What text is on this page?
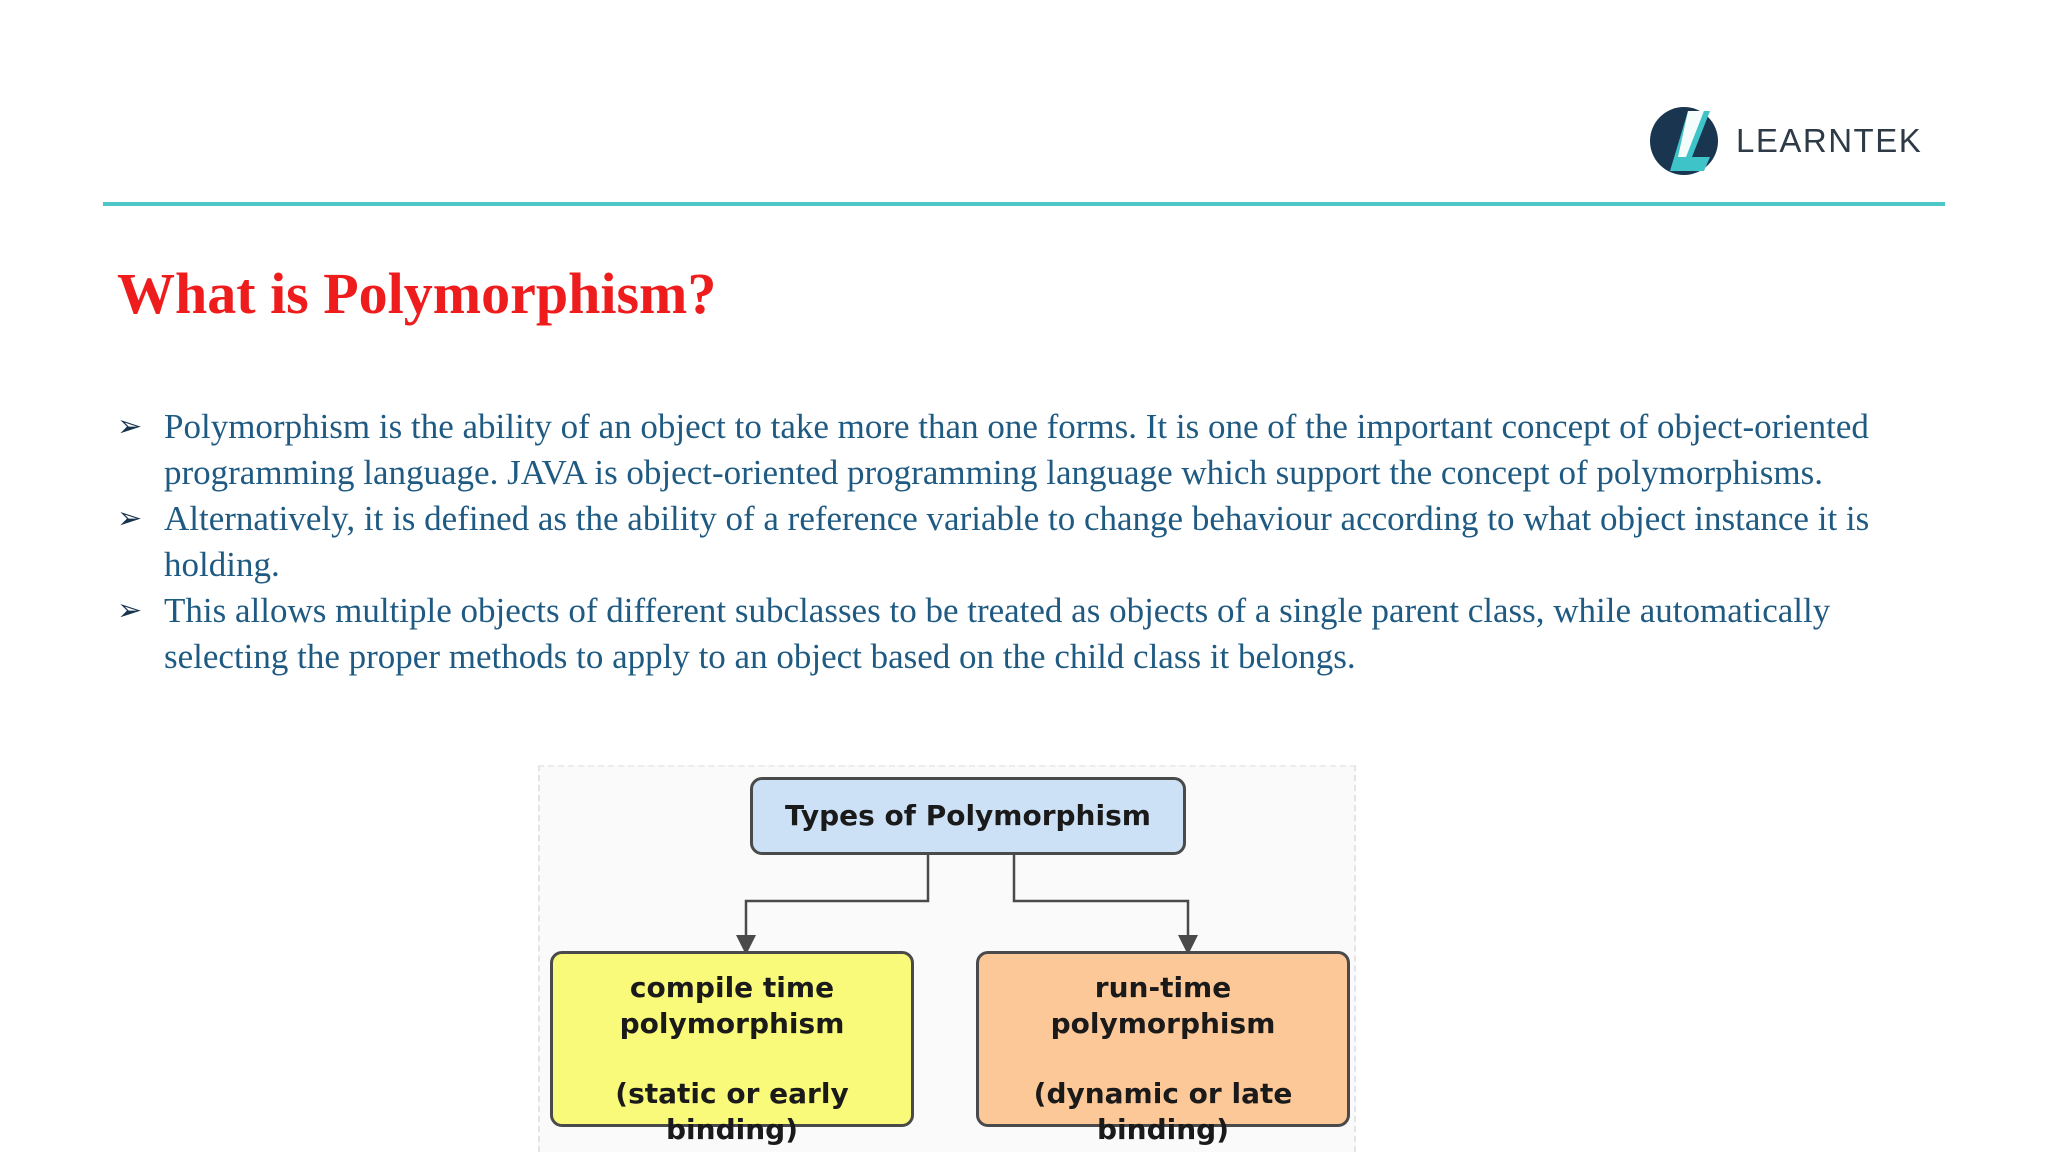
LEARNTEK
What is Polymorphism?
➢ Polymorphism is the ability of an object to take more than one forms. It is one of the important concept of object-oriented programming language. JAVA is object-oriented programming language which support the concept of polymorphisms.
➢ Alternatively, it is defined as the ability of a reference variable to change behaviour according to what object instance it is holding.
➢ This allows multiple objects of different subclasses to be treated as objects of a single parent class, while automatically selecting the proper methods to apply to an object based on the child class it belongs.
Types of Polymorphism
compile time
polymorphism
(static or early binding)
run-time
polymorphism
(dynamic or late binding)
